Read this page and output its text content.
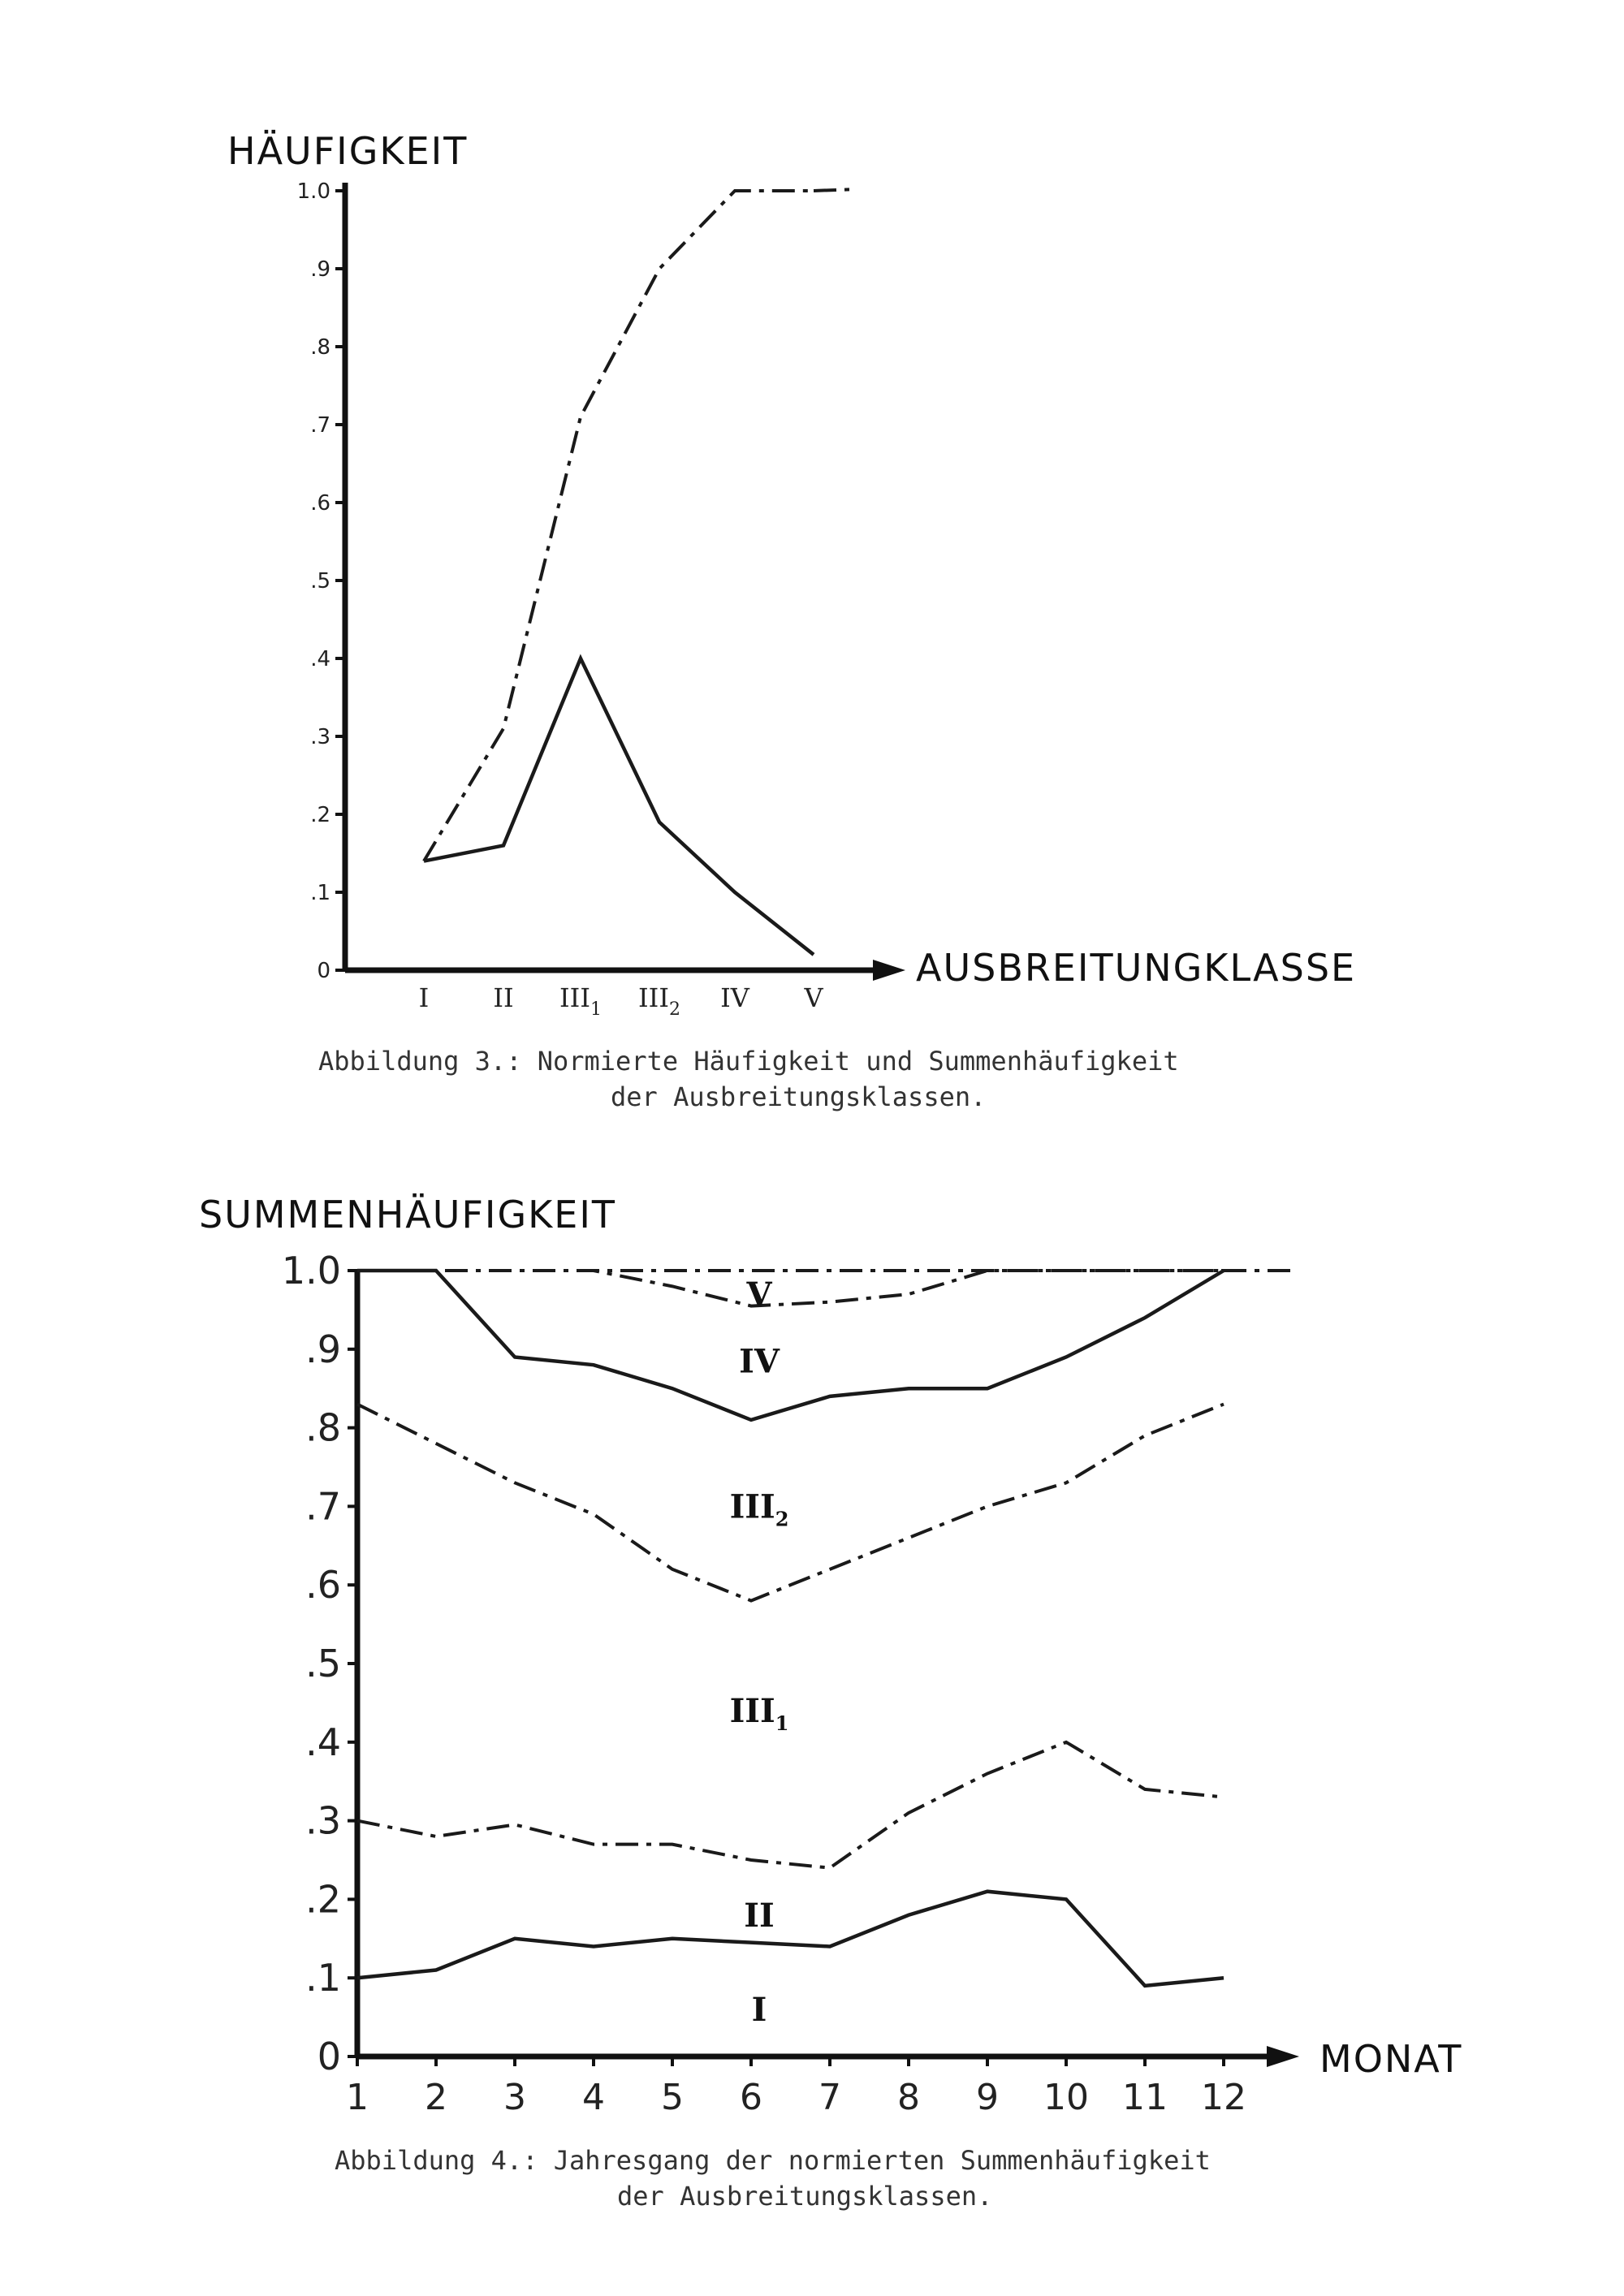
HÄUFIGKEIT
AUSBREITUNGKLASSE
0
.1
.2
.3
.4
.5
.6
.7
.8
.9
1.0
I II $III_1$ $III_2$ IV V
Abbildung 3.: Normierte Häufigkeit und Summenhäufigkeit
der Ausbreitungsklassen.
SUMMENHÄUFIGKEIT
MONAT
0
.1
.2
.3
.4
.5
.6
.7
.8
.9
1.0
1 2 3 4 5 6 7 8 9 10 11 12
I
II
$III_1$
$III_2$
IV
V
Abbildung 4.: Jahresgang der normierten Summenhäufigkeit
der Ausbreitungsklassen.
